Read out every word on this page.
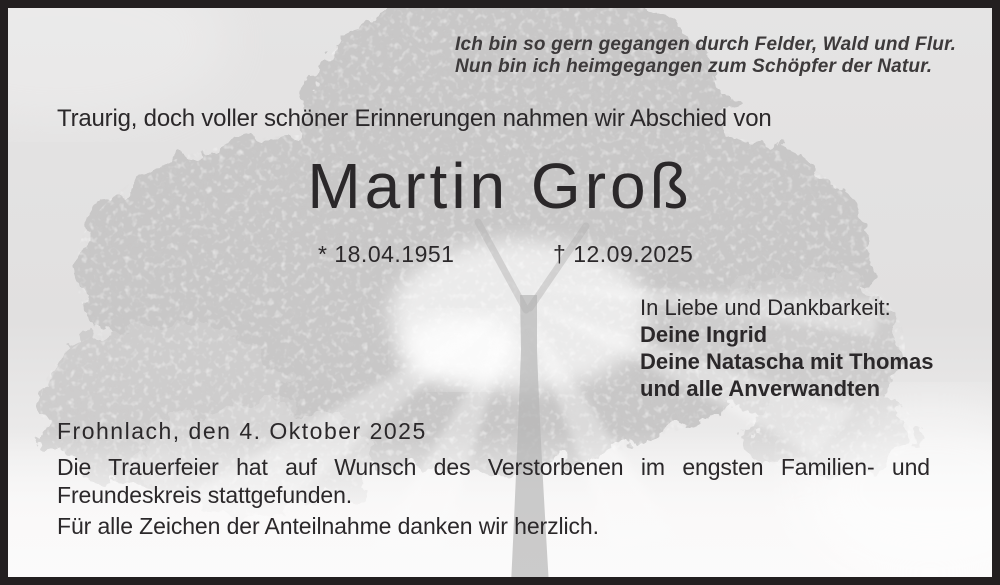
Ich bin so gern gegangen durch Felder, Wald und Flur.
Nun bin ich heimgegangen zum Schöpfer der Natur.
Traurig, doch voller schöner Erinnerungen nahmen wir Abschied von
Martin Groß
* 18.04.1951	† 12.09.2025
In Liebe und Dankbarkeit:
Deine Ingrid
Deine Natascha mit Thomas
und alle Anverwandten
Frohnlach, den 4. Oktober 2025
Die Trauerfeier hat auf Wunsch des Verstorbenen im engsten Familien- und
Freundeskreis stattgefunden.
Für alle Zeichen der Anteilnahme danken wir herzlich.
